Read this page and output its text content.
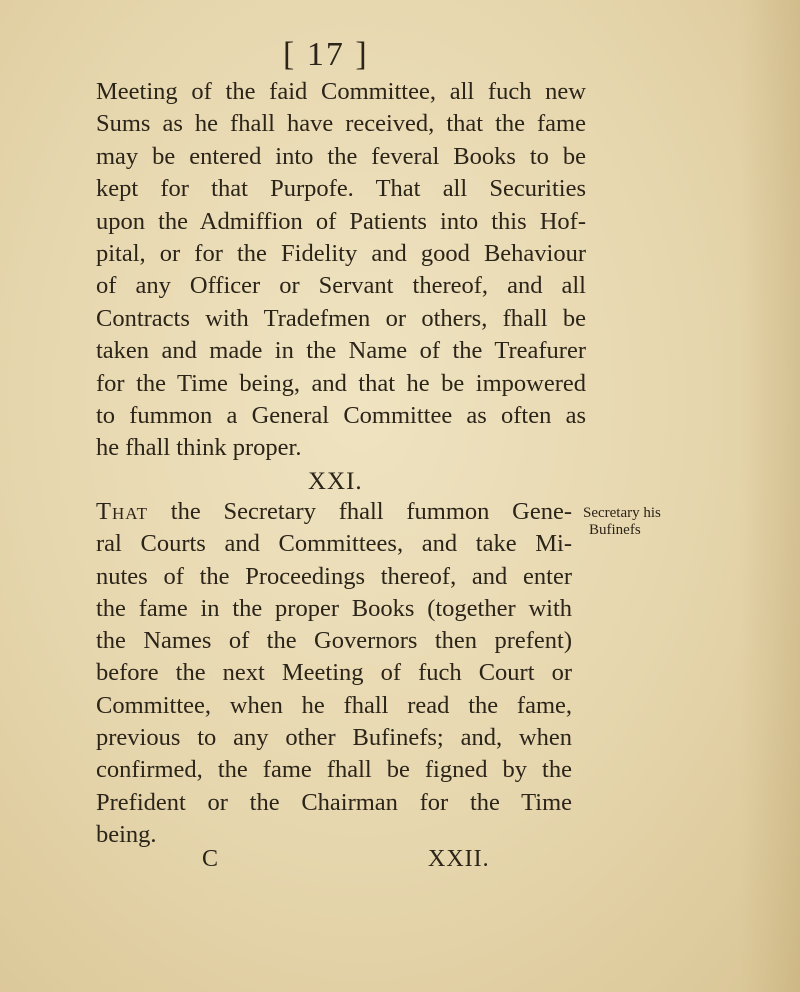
[ 17 ]
Meeting of the faid Committee, all fuch new
Sums as he fhall have received, that the fame
may be entered into the feveral Books to be
kept for that Purpofe. That all Securities
upon the Admiffion of Patients into this Hof-
pital, or for the Fidelity and good Behaviour
of any Officer or Servant thereof, and all
Contracts with Tradefmen or others, fhall be
taken and made in the Name of the Treafurer
for the Time being, and that he be impowered
to fummon a General Committee as often as
he fhall think proper.
XXI.
That the Secretary fhall fummon Gene-
ral Courts and Committees, and take Mi-
nutes of the Proceedings thereof, and enter
the fame in the proper Books (together with
the Names of the Governors then prefent)
before the next Meeting of fuch Court or
Committee, when he fhall read the fame,
previous to any other Bufinefs; and, when
confirmed, the fame fhall be figned by the
Prefident or the Chairman for the Time
being.
Secretary his
Bufinefs
C	XXII.
